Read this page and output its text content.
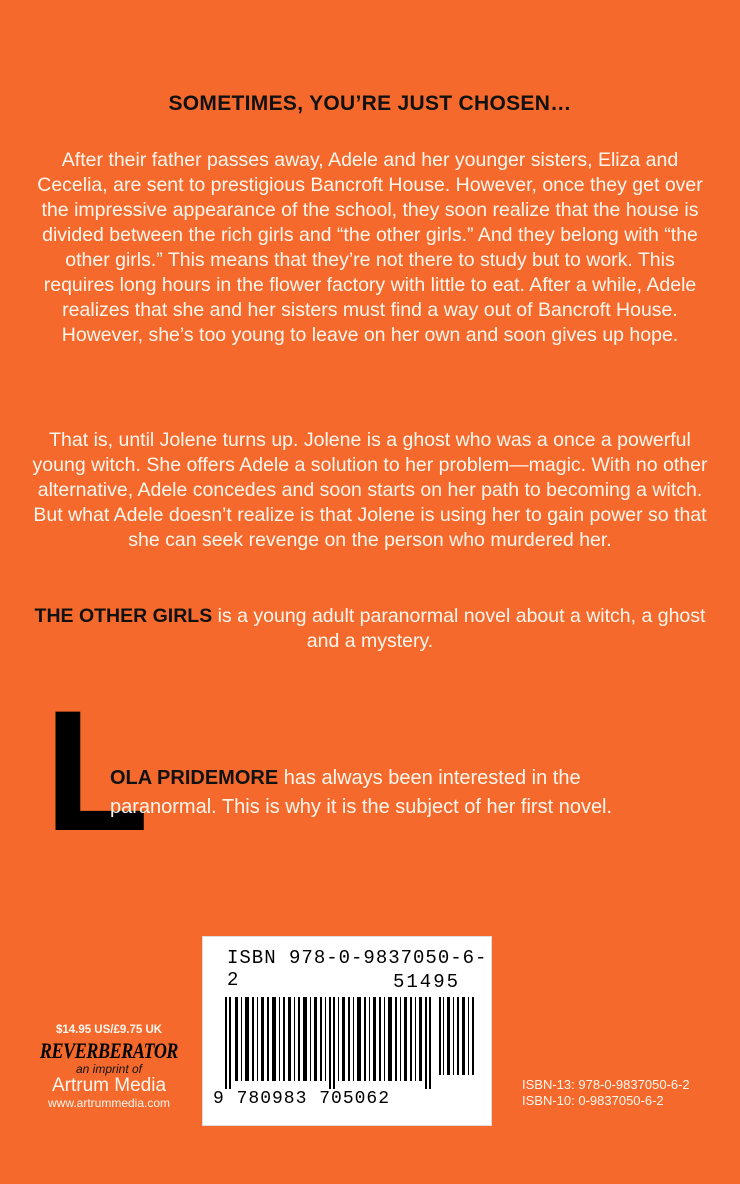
SOMETIMES, YOU’RE JUST CHOSEN…

After their father passes away, Adele and her younger sisters, Eliza and Cecelia, are sent to prestigious Bancroft House. However, once they get over the impressive appearance of the school, they soon realize that the house is divided between the rich girls and “the other girls.” And they belong with “the other girls.” This means that they’re not there to study but to work. This requires long hours in the flower factory with little to eat. After a while, Adele realizes that she and her sisters must find a way out of Bancroft House. However, she’s too young to leave on her own and soon gives up hope.

That is, until Jolene turns up. Jolene is a ghost who was a once a powerful young witch. She offers Adele a solution to her problem—magic. With no other alternative, Adele concedes and soon starts on her path to becoming a witch. But what Adele doesn’t realize is that Jolene is using her to gain power so that she can seek revenge on the person who murdered her.

THE OTHER GIRLS is a young adult paranormal novel about a witch, a ghost and a mystery.

L

OLA PRIDEMORE has always been interested in the
paranormal. This is why it is the subject of her first novel.

ISBN 978-0-9837050-6-2	51495
9 780983 705062
$14.95 US/£9.75 UK
REVERBERATOR
an imprint of
Artrum Media
www.artrummedia.com
ISBN-13: 978-0-9837050-6-2
ISBN-10: 0-9837050-6-2
